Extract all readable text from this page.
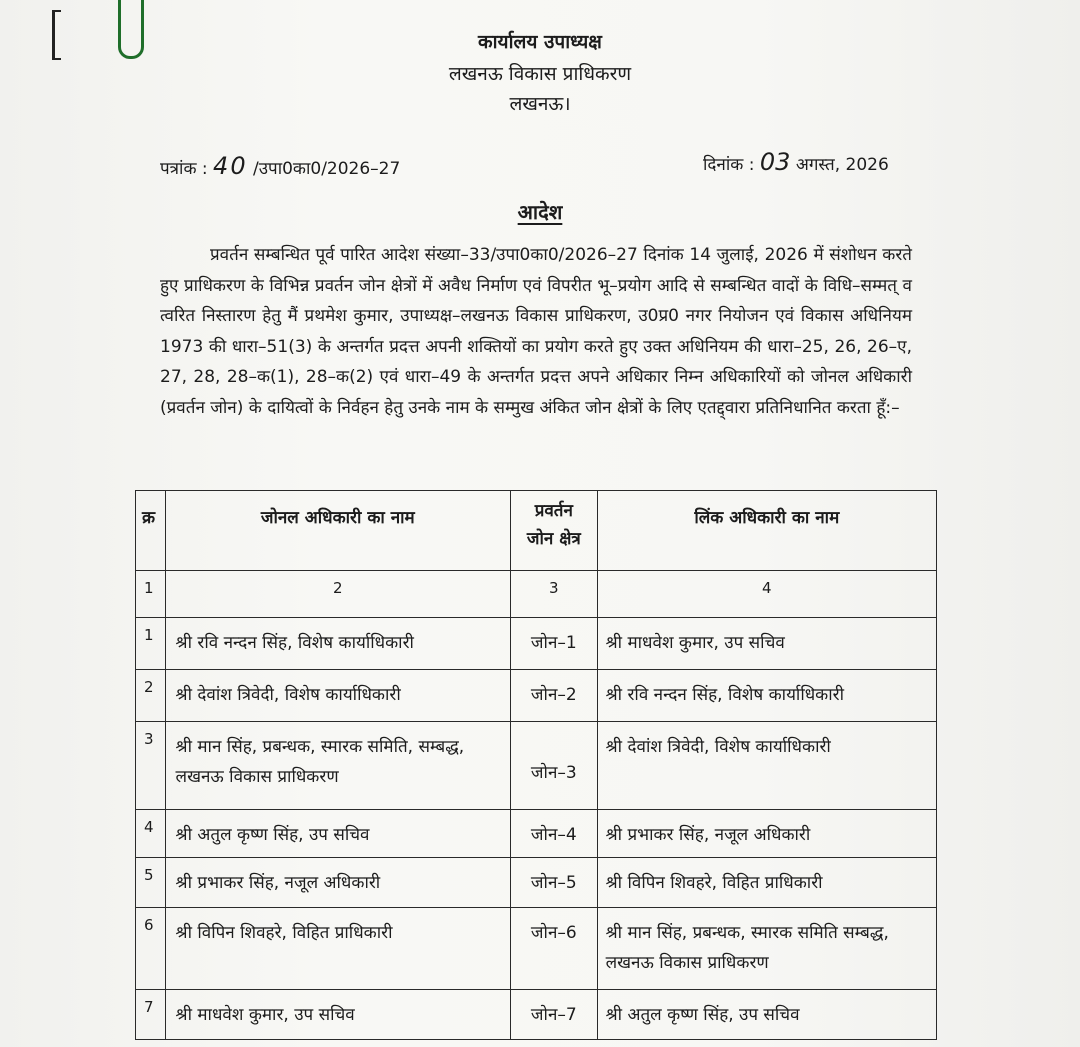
कार्यालय उपाध्यक्ष
लखनऊ विकास प्राधिकरण
लखनऊ।
पत्रांक : 40 /उपा0का0/2026–27	दिनांक : 03 अगस्त, 2026
आदेश

प्रवर्तन सम्बन्धित पूर्व पारित आदेश संख्या–33/उपा0का0/2026–27 दिनांक 14 जुलाई, 2026 में संशोधन करते हुए प्राधिकरण के विभिन्न प्रवर्तन जोन क्षेत्रों में अवैध निर्माण एवं विपरीत भू–प्रयोग आदि से सम्बन्धित वादों के विधि–सम्मत् व त्वरित निस्तारण हेतु मैं प्रथमेश कुमार, उपाध्यक्ष–लखनऊ विकास प्राधिकरण, उ0प्र0 नगर नियोजन एवं विकास अधिनियम 1973 की धारा–51(3) के अन्तर्गत प्रदत्त अपनी शक्तियों का प्रयोग करते हुए उक्त अधिनियम की धारा–25, 26, 26–ए, 27, 28, 28–क(1), 28–क(2) एवं धारा–49 के अन्तर्गत प्रदत्त अपने अधिकार निम्न अधिकारियों को जोनल अधिकारी (प्रवर्तन जोन) के दायित्वों के निर्वहन हेतु उनके नाम के सम्मुख अंकित जोन क्षेत्रों के लिए एतद्द्वारा प्रतिनिधानित करता हूँ:–

क्र	जोनल अधिकारी का नाम	प्रवर्तन जोन क्षेत्र	लिंक अधिकारी का नाम
1	2	3	4
1	श्री रवि नन्दन सिंह, विशेष कार्याधिकारी	जोन–1	श्री माधवेश कुमार, उप सचिव
2	श्री देवांश त्रिवेदी, विशेष कार्याधिकारी	जोन–2	श्री रवि नन्दन सिंह, विशेष कार्याधिकारी
3	श्री मान सिंह, प्रबन्धक, स्मारक समिति, सम्बद्ध, लखनऊ विकास प्राधिकरण	जोन–3	श्री देवांश त्रिवेदी, विशेष कार्याधिकारी
4	श्री अतुल कृष्ण सिंह, उप सचिव	जोन–4	श्री प्रभाकर सिंह, नजूल अधिकारी
5	श्री प्रभाकर सिंह, नजूल अधिकारी	जोन–5	श्री विपिन शिवहरे, विहित प्राधिकारी
6	श्री विपिन शिवहरे, विहित प्राधिकारी	जोन–6	श्री मान सिंह, प्रबन्धक, स्मारक समिति सम्बद्ध, लखनऊ विकास प्राधिकरण
7	श्री माधवेश कुमार, उप सचिव	जोन–7	श्री अतुल कृष्ण सिंह, उप सचिव
